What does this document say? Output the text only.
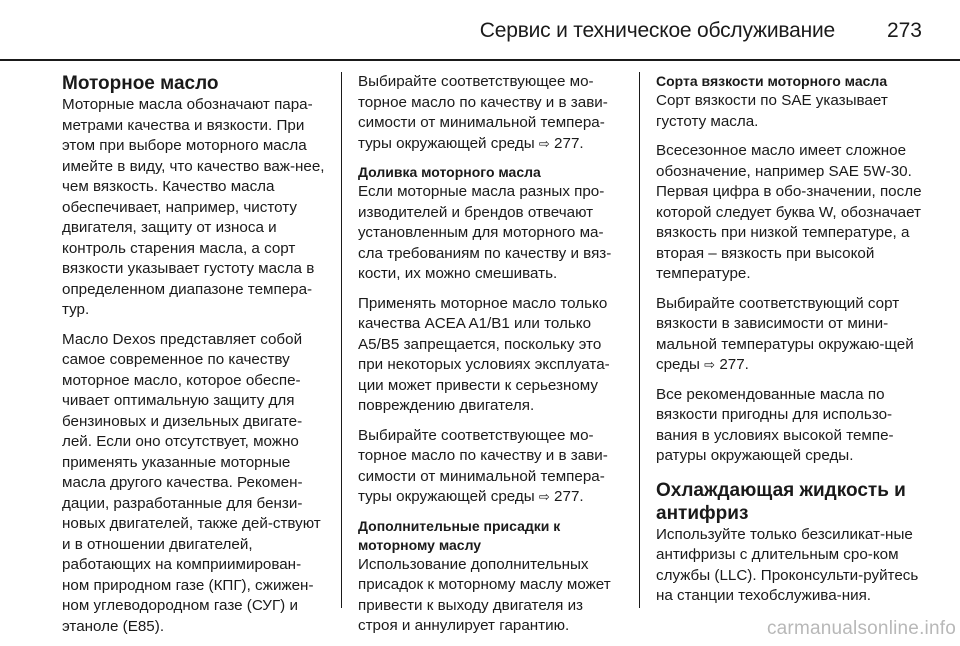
Сервис и техническое обслуживание 273
Моторное масло

Моторные масла обозначают пара-метрами качества и вязкости. При этом при выборе моторного масла имейте в виду, что качество важ-нее, чем вязкость. Качество масла обеспечивает, например, чистоту двигателя, защиту от износа и контроль старения масла, а сорт вязкости указывает густоту масла в определенном диапазоне темпера-тур.

Масло Dexos представляет собой самое современное по качеству моторное масло, которое обеспе-чивает оптимальную защиту для бензиновых и дизельных двигате-лей. Если оно отсутствует, можно применять указанные моторные масла другого качества. Рекомен-дации, разработанные для бензи-новых двигателей, также дей-ствуют и в отношении двигателей, работающих на комприимирован-ном природном газе (КПГ), сжижен-ном углеводородном газе (СУГ) и этаноле (E85).

Выбирайте соответствующее мо-торное масло по качеству и в зави-симости от минимальной темпера-туры окружающей среды ⇨ 277.

Доливка моторного масла

Если моторные масла разных про-изводителей и брендов отвечают установленным для моторного ма-сла требованиям по качеству и вяз-кости, их можно смешивать.

Применять моторное масло только качества ACEA A1/B1 или только A5/B5 запрещается, поскольку это при некоторых условиях эксплуата-ции может привести к серьезному повреждению двигателя.

Выбирайте соответствующее мо-торное масло по качеству и в зави-симости от минимальной темпера-туры окружающей среды ⇨ 277.

Дополнительные присадки к моторному маслу

Использование дополнительных присадок к моторному маслу может привести к выходу двигателя из строя и аннулирует гарантию.

Сорта вязкости моторного масла

Сорт вязкости по SAE указывает густоту масла.

Всесезонное масло имеет сложное обозначение, например SAE 5W-30. Первая цифра в обо-значении, после которой следует буква W, обозначает вязкость при низкой температуре, а вторая – вязкость при высокой температуре.

Выбирайте соответствующий сорт вязкости в зависимости от мини-мальной температуры окружаю-щей среды ⇨ 277.

Все рекомендованные масла по вязкости пригодны для использо-вания в условиях высокой темпе-ратуры окружающей среды.

Охлаждающая жидкость и антифриз

Используйте только безсиликат-ные антифризы с длительным сро-ком службы (LLC). Проконсульти-руйтесь на станции техобслужива-ния.

carmanualsonline.info
